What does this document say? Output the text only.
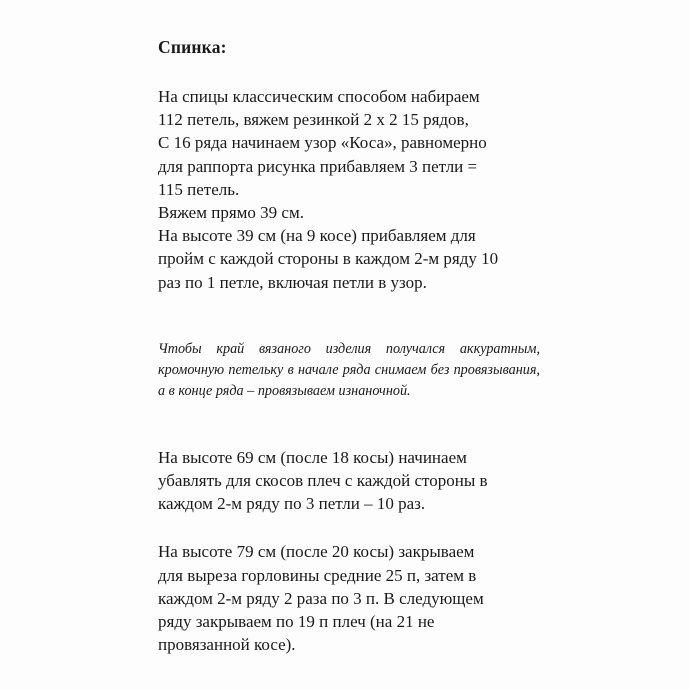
Спинка:

На спицы классическим способом набираем
112 петель, вяжем резинкой 2 х 2 15 рядов,
С 16 ряда начинаем узор «Коса», равномерно
для раппорта рисунка прибавляем 3 петли =
115 петель.
Вяжем прямо 39 см.
На высоте 39 см (на 9 косе) прибавляем для
пройм с каждой стороны в каждом 2-м ряду 10
раз по 1 петле, включая петли в узор.

Чтобы край вязаного изделия получался аккуратным, кромочную петельку в начале ряда снимаем без провязывания, а в конце ряда – провязываем изнаночной.

На высоте 69 см (после 18 косы) начинаем
убавлять для скосов плеч с каждой стороны в
каждом 2-м ряду по 3 петли – 10 раз.

На высоте 79 см (после 20 косы) закрываем
для выреза горловины средние 25 п, затем в
каждом 2-м ряду 2 раза по 3 п. В следующем
ряду закрываем по 19 п плеч (на 21 не
провязанной косе).
